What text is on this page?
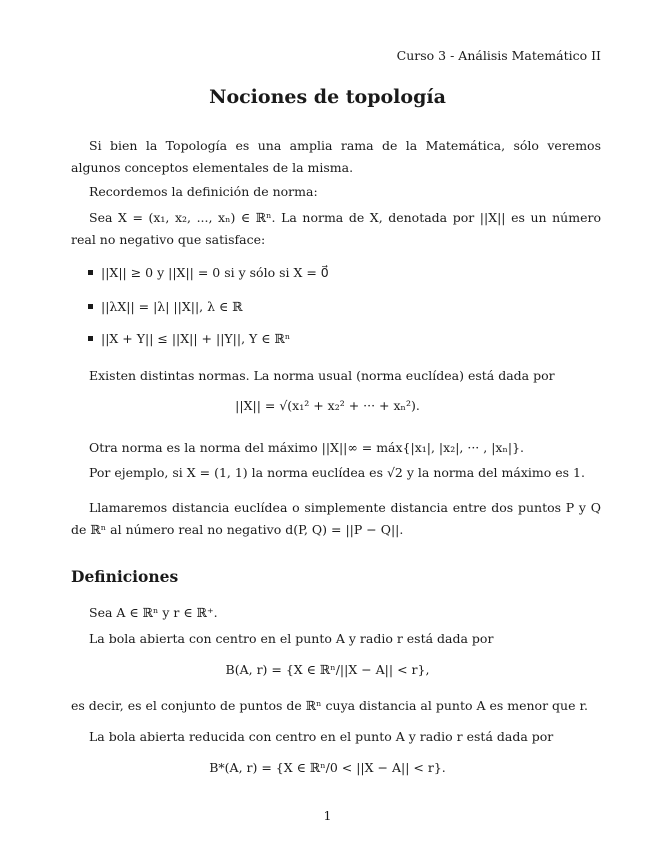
Curso 3 - Análisis Matemático II
Nociones de topología
Si bien la Topología es una amplia rama de la Matemática, sólo veremos algunos conceptos elementales de la misma.
Recordemos la definición de norma:
Sea X = (x₁, x₂, ..., xₙ) ∈ ℝⁿ. La norma de X, denotada por ||X|| es un número real no negativo que satisface:
||X|| ≥ 0 y ||X|| = 0 si y sólo si X = 0⃗
||λX|| = |λ| ||X||, λ ∈ ℝ
||X + Y|| ≤ ||X|| + ||Y||, Y ∈ ℝⁿ
Existen distintas normas. La norma usual (norma euclídea) está dada por
||X|| = √(x₁² + x₂² + ··· + xₙ²).
Otra norma es la norma del máximo ||X||∞ = máx{|x₁|, |x₂|, ··· , |xₙ|}.
Por ejemplo, si X = (1, 1) la norma euclídea es √2 y la norma del máximo es 1.
Llamaremos distancia euclídea o simplemente distancia entre dos puntos P y Q de ℝⁿ al número real no negativo d(P, Q) = ||P − Q||.
Definiciones
Sea A ∈ ℝⁿ y r ∈ ℝ⁺.
La bola abierta con centro en el punto A y radio r está dada por
B(A, r) = {X ∈ ℝⁿ/||X − A|| < r},
es decir, es el conjunto de puntos de ℝⁿ cuya distancia al punto A es menor que r.
La bola abierta reducida con centro en el punto A y radio r está dada por
B*(A, r) = {X ∈ ℝⁿ/0 < ||X − A|| < r}.
1
